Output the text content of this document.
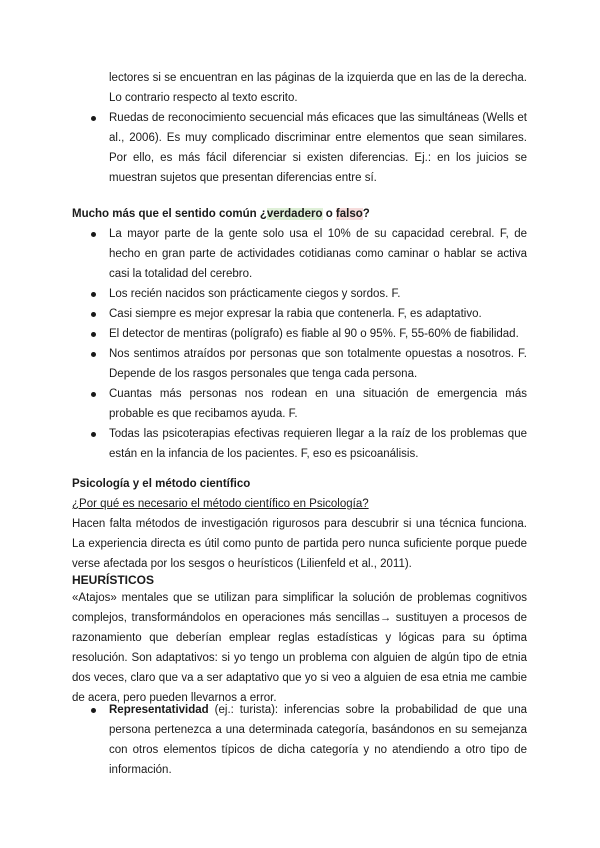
lectores si se encuentran en las páginas de la izquierda que en las de la derecha. Lo contrario respecto al texto escrito.

Ruedas de reconocimiento secuencial más eficaces que las simultáneas (Wells et al., 2006). Es muy complicado discriminar entre elementos que sean similares. Por ello, es más fácil diferenciar si existen diferencias. Ej.: en los juicios se muestran sujetos que presentan diferencias entre sí.

Mucho más que el sentido común ¿verdadero o falso?

La mayor parte de la gente solo usa el 10% de su capacidad cerebral. F, de hecho en gran parte de actividades cotidianas como caminar o hablar se activa casi la totalidad del cerebro.

Los recién nacidos son prácticamente ciegos y sordos. F.

Casi siempre es mejor expresar la rabia que contenerla. F, es adaptativo.

El detector de mentiras (polígrafo) es fiable al 90 o 95%. F, 55-60% de fiabilidad.

Nos sentimos atraídos por personas que son totalmente opuestas a nosotros. F. Depende de los rasgos personales que tenga cada persona.

Cuantas más personas nos rodean en una situación de emergencia más probable es que recibamos ayuda. F.

Todas las psicoterapias efectivas requieren llegar a la raíz de los problemas que están en la infancia de los pacientes. F, eso es psicoanálisis.

Psicología y el método científico

¿Por qué es necesario el método científico en Psicología?

Hacen falta métodos de investigación rigurosos para descubrir si una técnica funciona. La experiencia directa es útil como punto de partida pero nunca suficiente porque puede verse afectada por los sesgos o heurísticos (Lilienfeld et al., 2011).

HEURÍSTICOS

«Atajos» mentales que se utilizan para simplificar la solución de problemas cognitivos complejos, transformándolos en operaciones más sencillas→ sustituyen a procesos de razonamiento que deberían emplear reglas estadísticas y lógicas para su óptima resolución. Son adaptativos: si yo tengo un problema con alguien de algún tipo de etnia dos veces, claro que va a ser adaptativo que yo si veo a alguien de esa etnia me cambie de acera, pero pueden llevarnos a error.

Representatividad (ej.: turista): inferencias sobre la probabilidad de que una persona pertenezca a una determinada categoría, basándonos en su semejanza con otros elementos típicos de dicha categoría y no atendiendo a otro tipo de información.
